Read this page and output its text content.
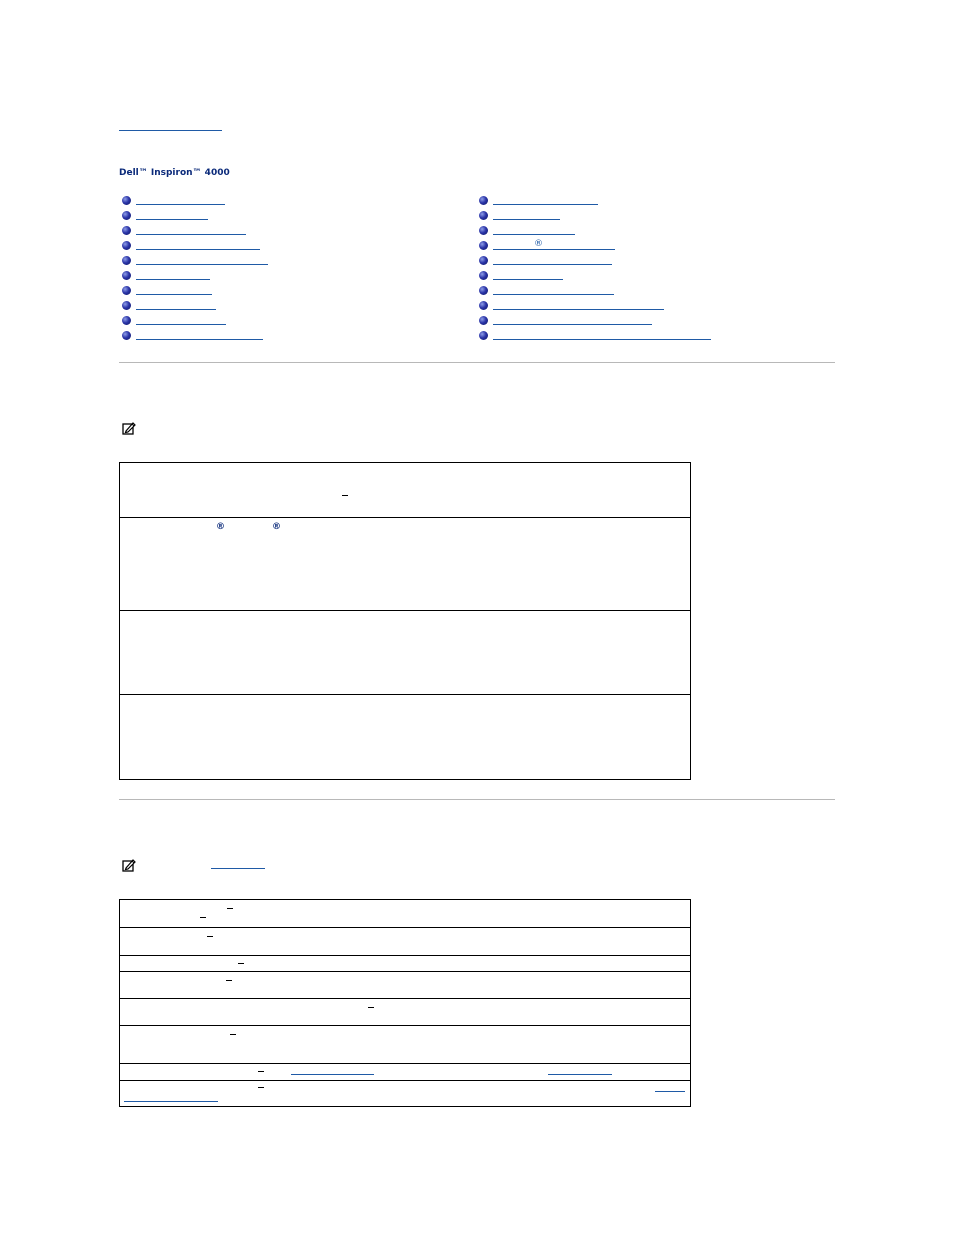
Dell™ Inspiron™ 4000
®
®	®
